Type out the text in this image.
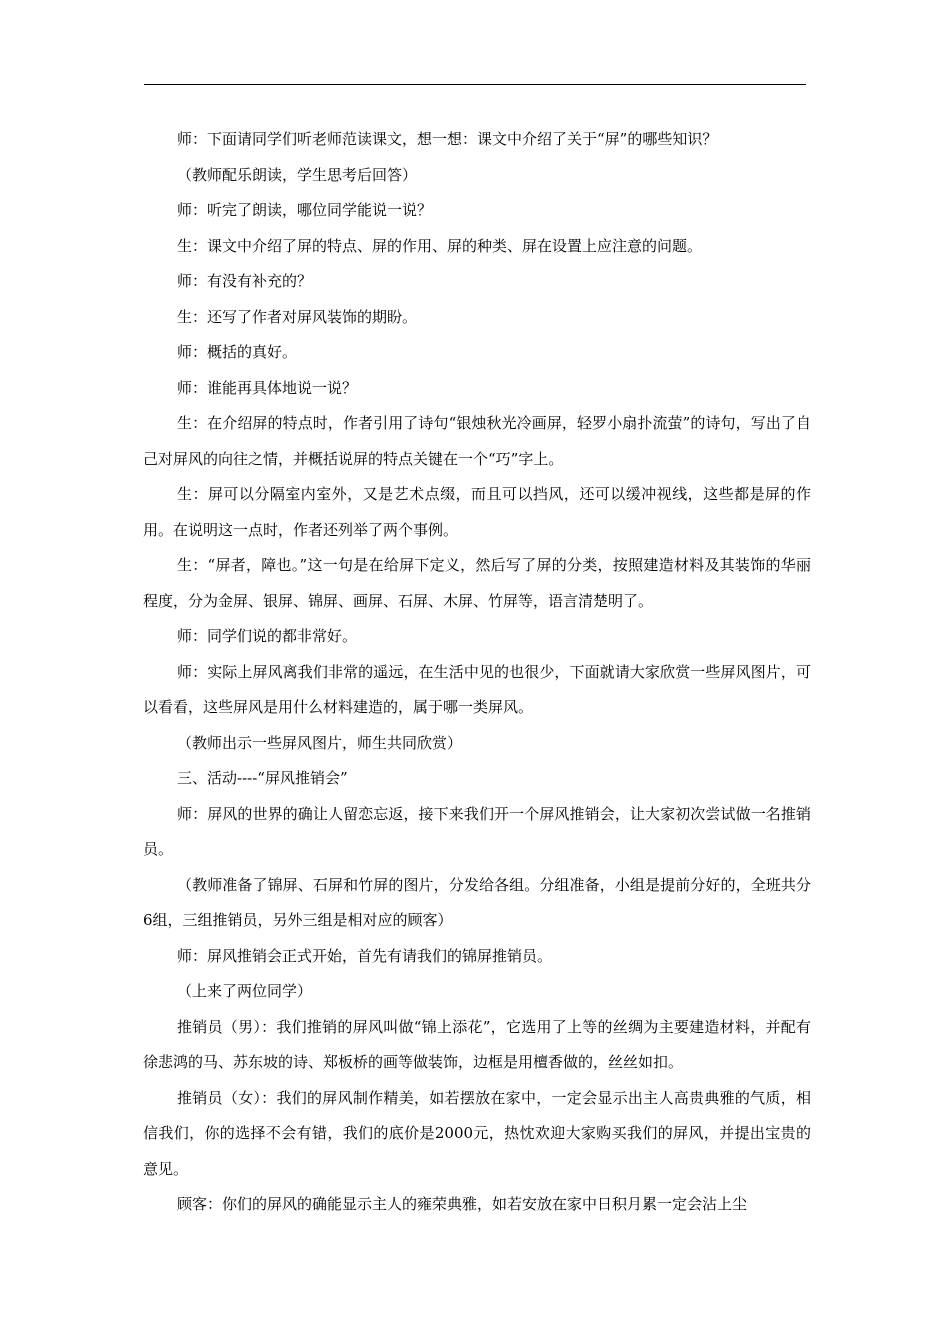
师：下面请同学们听老师范读课文，想一想：课文中介绍了关于“屏”的哪些知识？

（教师配乐朗读，学生思考后回答）

师：听完了朗读，哪位同学能说一说？

生：课文中介绍了屏的特点、屏的作用、屏的种类、屏在设置上应注意的问题。

师：有没有补充的？

生：还写了作者对屏风装饰的期盼。

师：概括的真好。

师：谁能再具体地说一说？

生：在介绍屏的特点时，作者引用了诗句“银烛秋光冷画屏，轻罗小扇扑流萤”的诗句，写出了自己对屏风的向往之情，并概括说屏的特点关键在一个“巧”字上。

生：屏可以分隔室内室外，又是艺术点缀，而且可以挡风，还可以缓冲视线，这些都是屏的作用。在说明这一点时，作者还列举了两个事例。

生：“屏者，障也。”这一句是在给屏下定义，然后写了屏的分类，按照建造材料及其装饰的华丽程度，分为金屏、银屏、锦屏、画屏、石屏、木屏、竹屏等，语言清楚明了。

师：同学们说的都非常好。

师：实际上屏风离我们非常的遥远，在生活中见的也很少，下面就请大家欣赏一些屏风图片，可以看看，这些屏风是用什么材料建造的，属于哪一类屏风。

（教师出示一些屏风图片，师生共同欣赏）

三、活动----“屏风推销会”

师：屏风的世界的确让人留恋忘返，接下来我们开一个屏风推销会，让大家初次尝试做一名推销员。

（教师准备了锦屏、石屏和竹屏的图片，分发给各组。分组准备，小组是提前分好的，全班共分6组，三组推销员，另外三组是相对应的顾客）

师：屏风推销会正式开始，首先有请我们的锦屏推销员。

（上来了两位同学）

推销员（男）：我们推销的屏风叫做“锦上添花”，它选用了上等的丝绸为主要建造材料，并配有徐悲鸿的马、苏东坡的诗、郑板桥的画等做装饰，边框是用檀香做的，丝丝如扣。

推销员（女）：我们的屏风制作精美，如若摆放在家中，一定会显示出主人高贵典雅的气质，相信我们，你的选择不会有错，我们的底价是2000元，热忱欢迎大家购买我们的屏风，并提出宝贵的意见。

顾客：你们的屏风的确能显示主人的雍荣典雅，如若安放在家中日积月累一定会沾上尘
